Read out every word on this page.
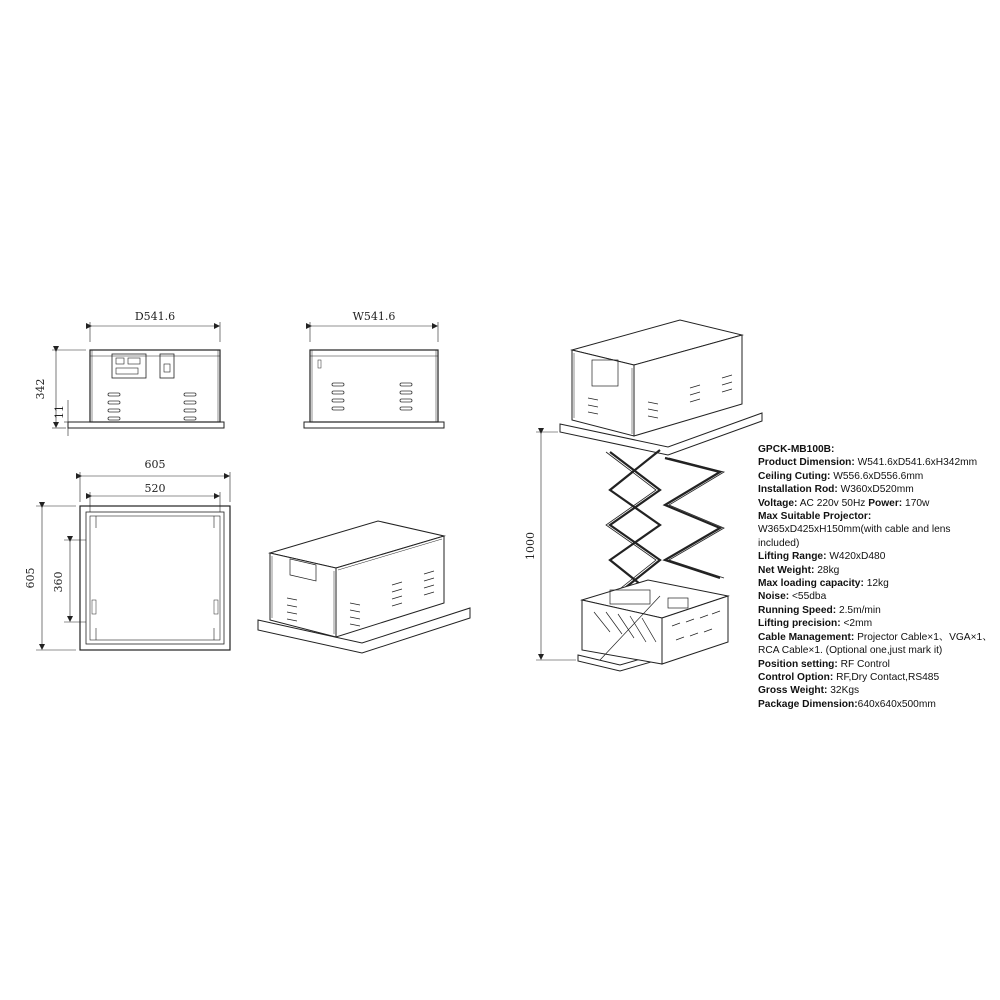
D541.6
342
11
W541.6
605
520
605 360
1000
GPCK-MB100B:
Product Dimension: W541.6xD541.6xH342mm
Ceiling Cuting: W556.6xD556.6mm
Installation Rod: W360xD520mm
Voltage: AC 220v 50Hz Power: 170w
Max Suitable Projector:
W365xD425xH150mm(with cable and lens included)
Lifting Range: W420xD480
Net Weight: 28kg
Max loading capacity: 12kg
Noise: <55dba
Running Speed: 2.5m/min
Lifting precision: <2mm
Cable Management: Projector Cable×1、VGA×1、RCA Cable×1. (Optional one,just mark it)
Position setting: RF Control
Control Option: RF,Dry Contact,RS485
Gross Weight: 32Kgs
Package Dimension:640x640x500mm
